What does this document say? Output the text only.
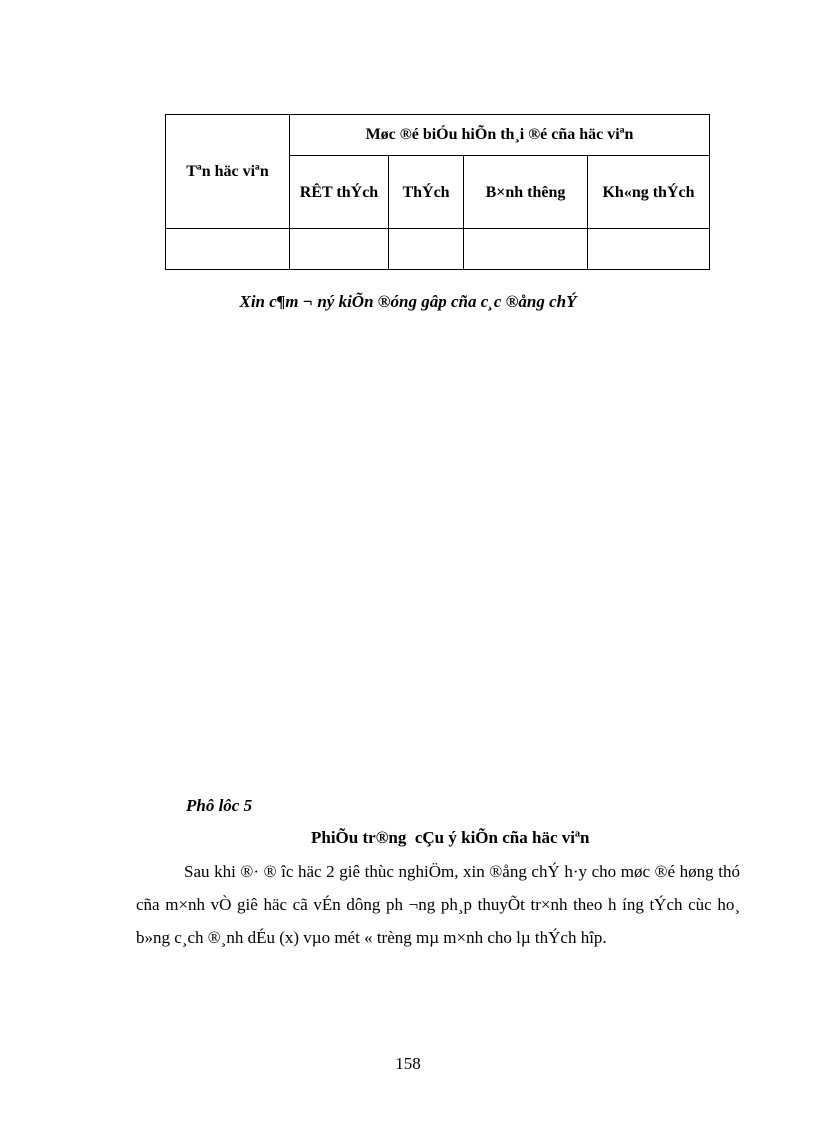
Tªn häc viªn	Møc ®é biÓu hiÕn th¸i ®é cña häc viªn			
	RÊT thÝch	ThÝch	B×nh thêng	Kh«ng thÝch

Xin c¶m ¬ ný kiÕn ®óng gâp cña c¸c ®ång chÝ
Phô lôc 5
PhiÕu tr®ng  cÇu ý kiÕn cña häc viªn

Sau khi ®· ® îc häc 2 giê thùc nghiÖm, xin ®ång chÝ h·y cho møc ®é høng thó cña m×nh vÒ giê häc cã vÉn dông ph ¬ng ph¸p thuyÕt tr×nh theo h íng tÝch cùc ho¸ b»ng c¸ch ®¸nh dÉu (x) vµo mét « trèng mµ m×nh cho lµ thÝch hîp.

158
